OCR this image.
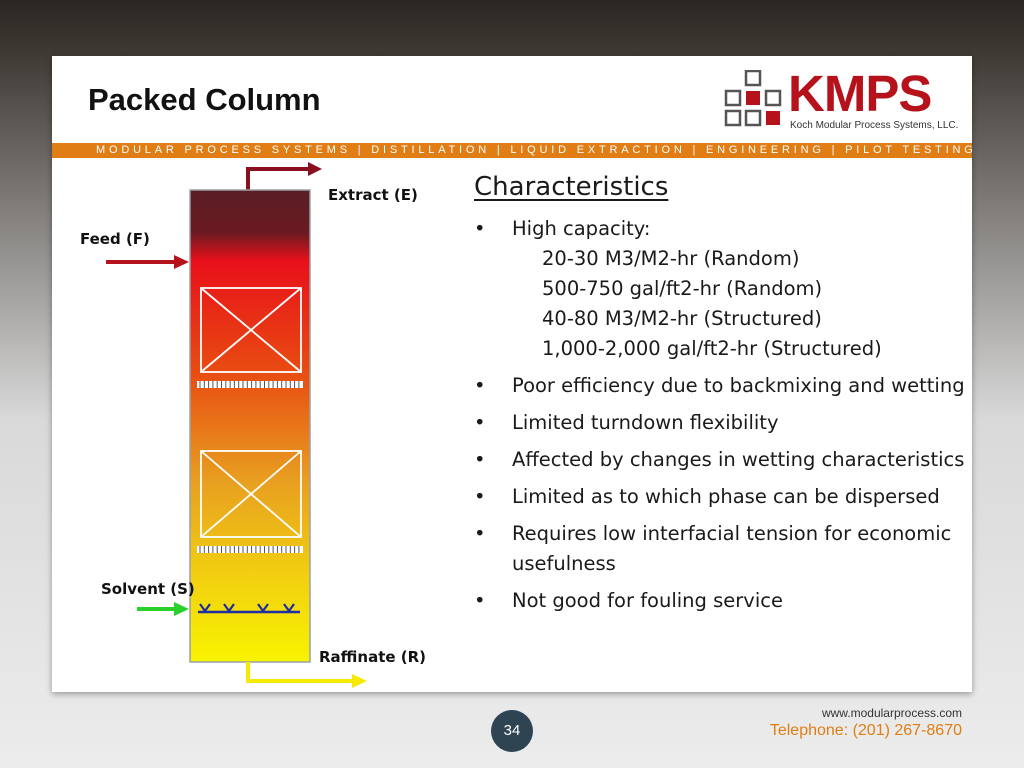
Packed Column	KMPS
Koch Modular Process Systems, LLC.
MODULAR PROCESS SYSTEMS | DISTILLATION | LIQUID EXTRACTION | ENGINEERING | PILOT TESTING
Extract (E)
Feed (F)
Solvent (S)
Raffinate (R)
Characteristics
• High capacity:
20-30 M3/M2-hr (Random)
500-750 gal/ft2-hr (Random)
40-80 M3/M2-hr (Structured)
1,000-2,000 gal/ft2-hr (Structured)
• Poor efficiency due to backmixing and wetting
• Limited turndown flexibility
• Affected by changes in wetting characteristics
• Limited as to which phase can be dispersed
• Requires low interfacial tension for economic usefulness
• Not good for fouling service
34
www.modularprocess.com
Telephone: (201) 267-8670
